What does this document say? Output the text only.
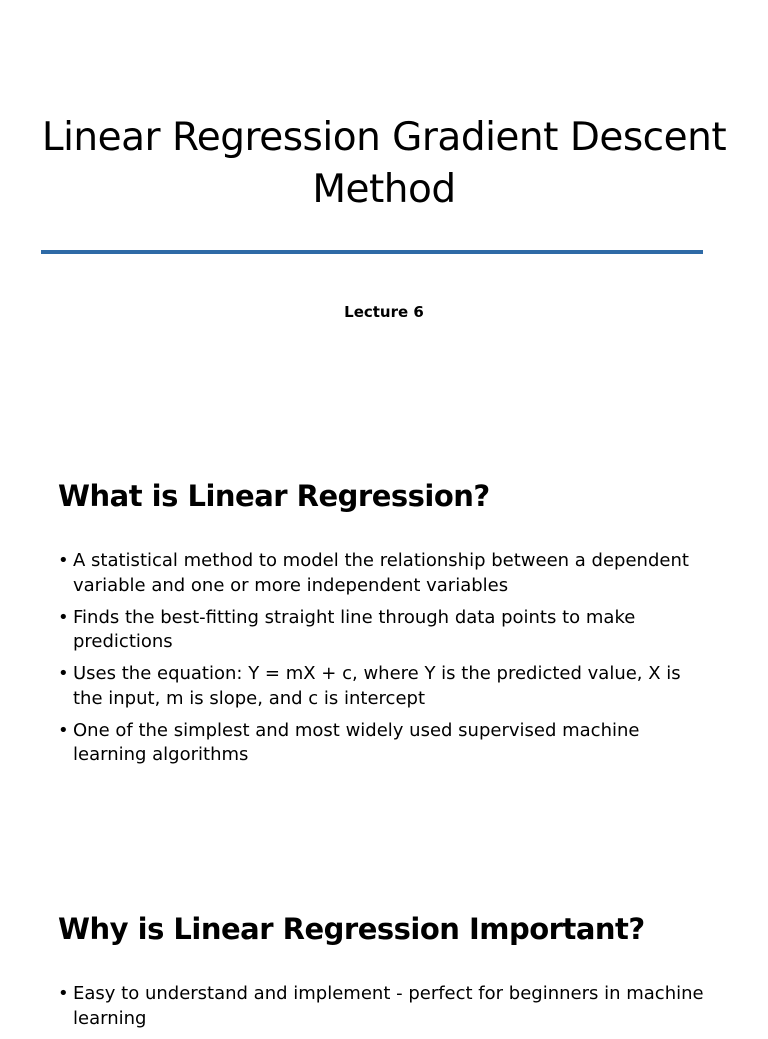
Linear Regression Gradient Descent Method
Lecture 6
What is Linear Regression?
• A statistical method to model the relationship between a dependent variable and one or more independent variables
• Finds the best-fitting straight line through data points to make predictions
• Uses the equation: Y = mX + c, where Y is the predicted value, X is the input, m is slope, and c is intercept
• One of the simplest and most widely used supervised machine learning algorithms
Why is Linear Regression Important?
• Easy to understand and implement - perfect for beginners in machine learning
